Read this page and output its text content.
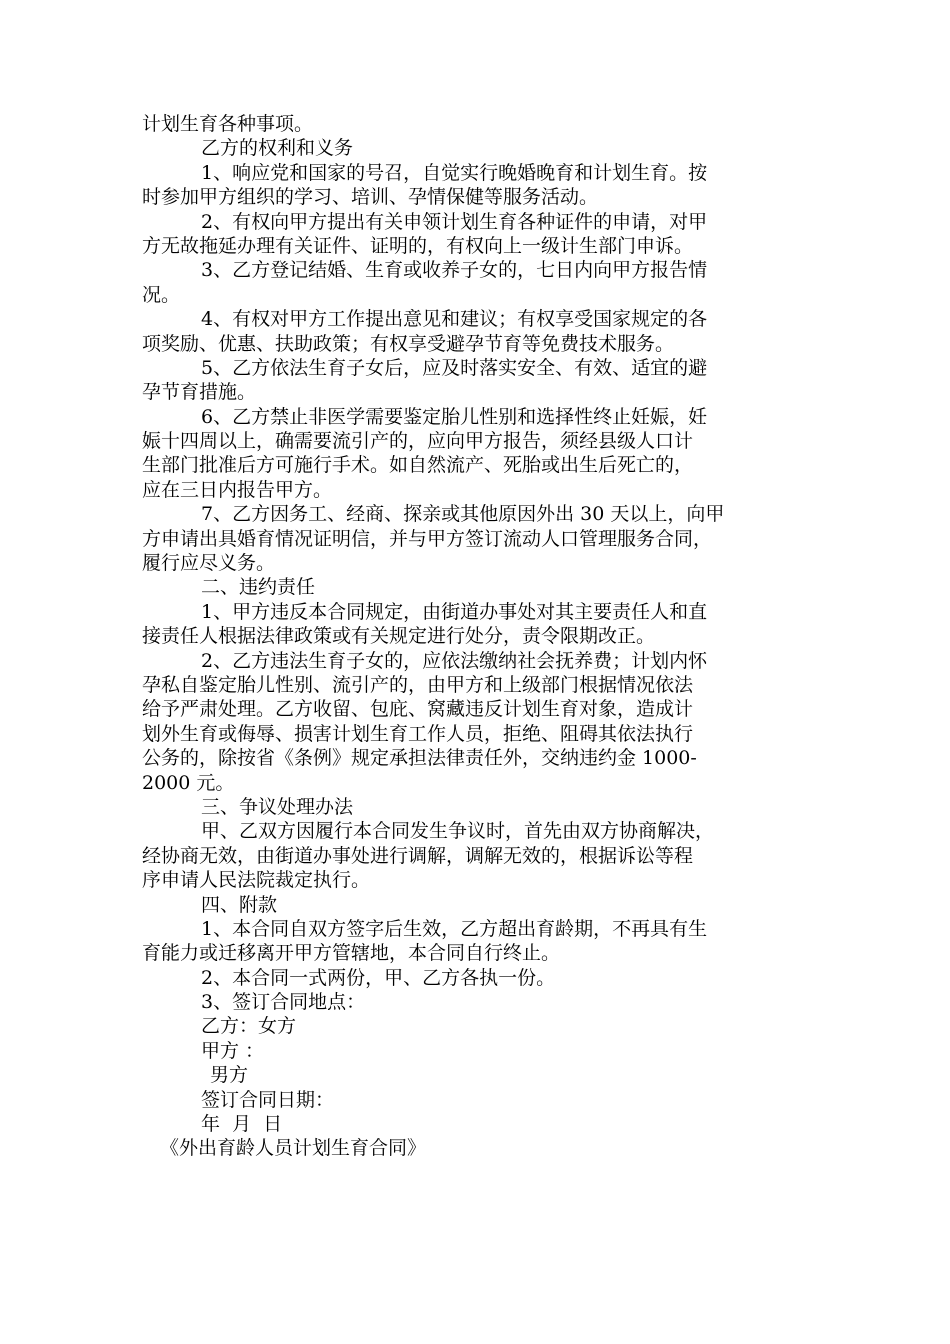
计划生育各种事项。
乙方的权利和义务
1、响应党和国家的号召，自觉实行晚婚晚育和计划生育。按
时参加甲方组织的学习、培训、孕情保健等服务活动。
2、有权向甲方提出有关申领计划生育各种证件的申请，对甲
方无故拖延办理有关证件、证明的，有权向上一级计生部门申诉。
3、乙方登记结婚、生育或收养子女的，七日内向甲方报告情
况。
4、有权对甲方工作提出意见和建议；有权享受国家规定的各
项奖励、优惠、扶助政策；有权享受避孕节育等免费技术服务。
5、乙方依法生育子女后，应及时落实安全、有效、适宜的避
孕节育措施。
6、乙方禁止非医学需要鉴定胎儿性别和选择性终止妊娠，妊
娠十四周以上，确需要流引产的，应向甲方报告，须经县级人口计
生部门批准后方可施行手术。如自然流产、死胎或出生后死亡的，
应在三日内报告甲方。
7、乙方因务工、经商、探亲或其他原因外出 30 天以上，向甲
方申请出具婚育情况证明信，并与甲方签订流动人口管理服务合同，
履行应尽义务。
二、违约责任
1、甲方违反本合同规定，由街道办事处对其主要责任人和直
接责任人根据法律政策或有关规定进行处分，责令限期改正。
2、乙方违法生育子女的，应依法缴纳社会抚养费；计划内怀
孕私自鉴定胎儿性别、流引产的，由甲方和上级部门根据情况依法
给予严肃处理。乙方收留、包庇、窝藏违反计划生育对象，造成计
划外生育或侮辱、损害计划生育工作人员，拒绝、阻碍其依法执行
公务的，除按省《条例》规定承担法律责任外，交纳违约金 1000-
2000 元。
三、争议处理办法
甲、乙双方因履行本合同发生争议时，首先由双方协商解决，
经协商无效，由街道办事处进行调解，调解无效的，根据诉讼等程
序申请人民法院裁定执行。
四、附款
1、本合同自双方签字后生效，乙方超出育龄期，不再具有生
育能力或迁移离开甲方管辖地，本合同自行终止。
2、本合同一式两份，甲、乙方各执一份。
3、签订合同地点：
乙方：女方
甲方 ：
男方
签订合同日期：
年  月  日
《外出育龄人员计划生育合同》
